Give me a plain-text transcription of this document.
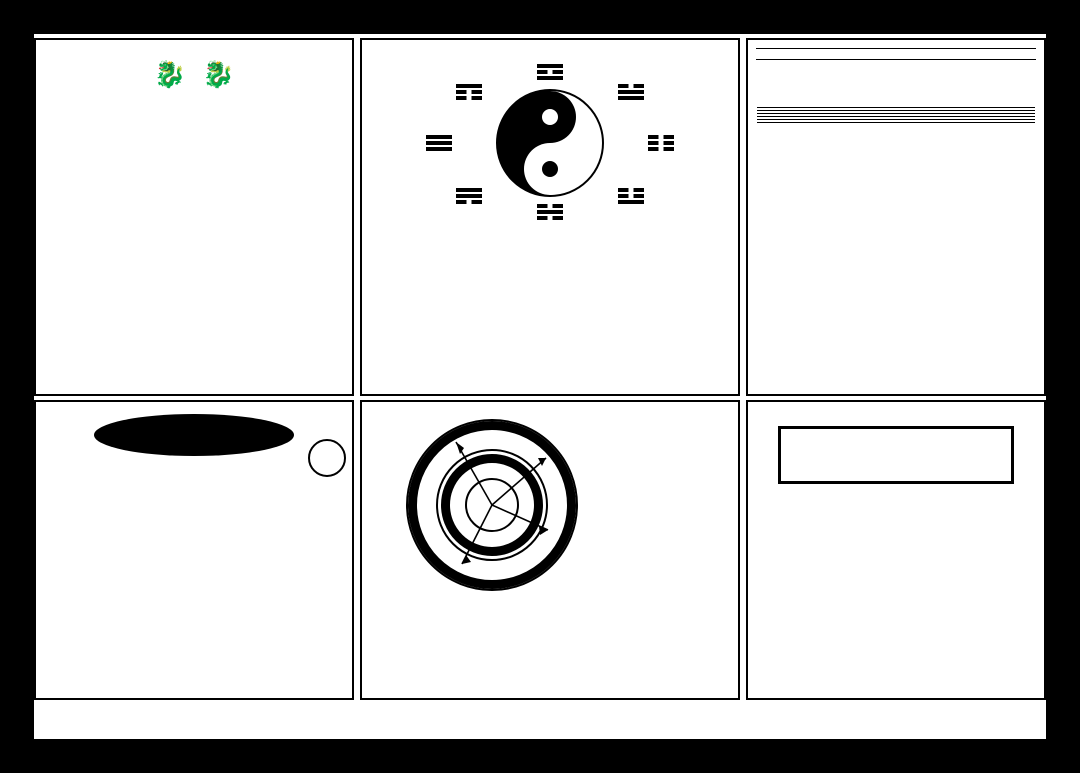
🐉 🐉
